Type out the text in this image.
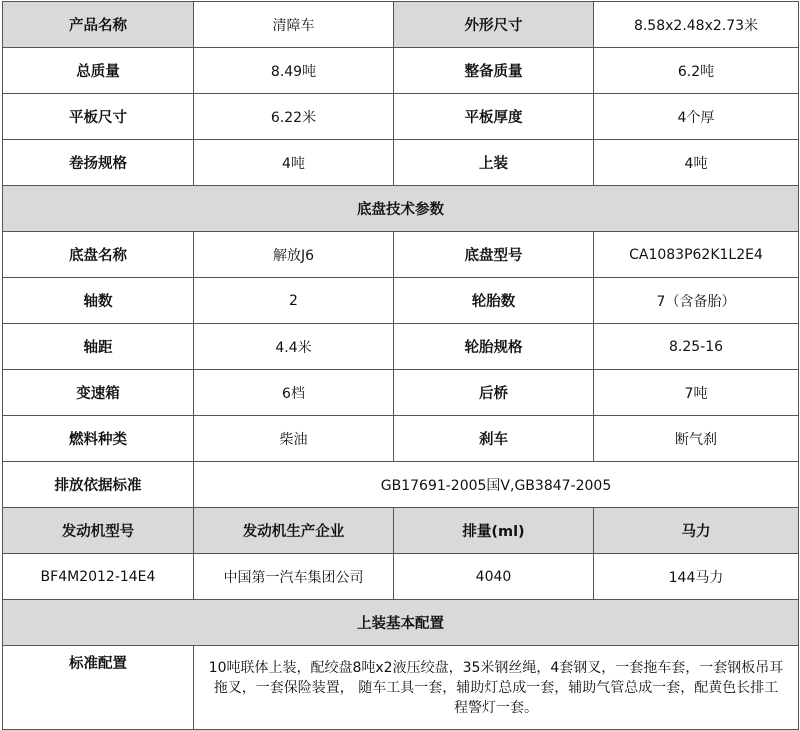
产品名称	清障车	外形尺寸	8.58x2.48x2.73米
总质量	8.49吨	整备质量	6.2吨
平板尺寸	6.22米	平板厚度	4个厚
卷扬规格	4吨	上装	4吨
底盘技术参数			
底盘名称	解放J6	底盘型号	CA1083P62K1L2E4
轴数	2	轮胎数	7（含备胎）
轴距	4.4米	轮胎规格	8.25-16
变速箱	6档	后桥	7吨
燃料种类	柴油	刹车	断气刹
排放依据标准	GB17691-2005国Ⅴ,GB3847-2005		
发动机型号	发动机生产企业	排量(ml)	马力
BF4M2012-14E4	中国第一汽车集团公司	4040	144马力
上装基本配置			
标准配置	10吨联体上装，配绞盘8吨x2液压绞盘，35米钢丝绳，4套钢叉，一套拖车套，一套钢板吊耳拖叉，一套保险装置， 随车工具一套，辅助灯总成一套，辅助气管总成一套，配黄色长排工程警灯一套。		
